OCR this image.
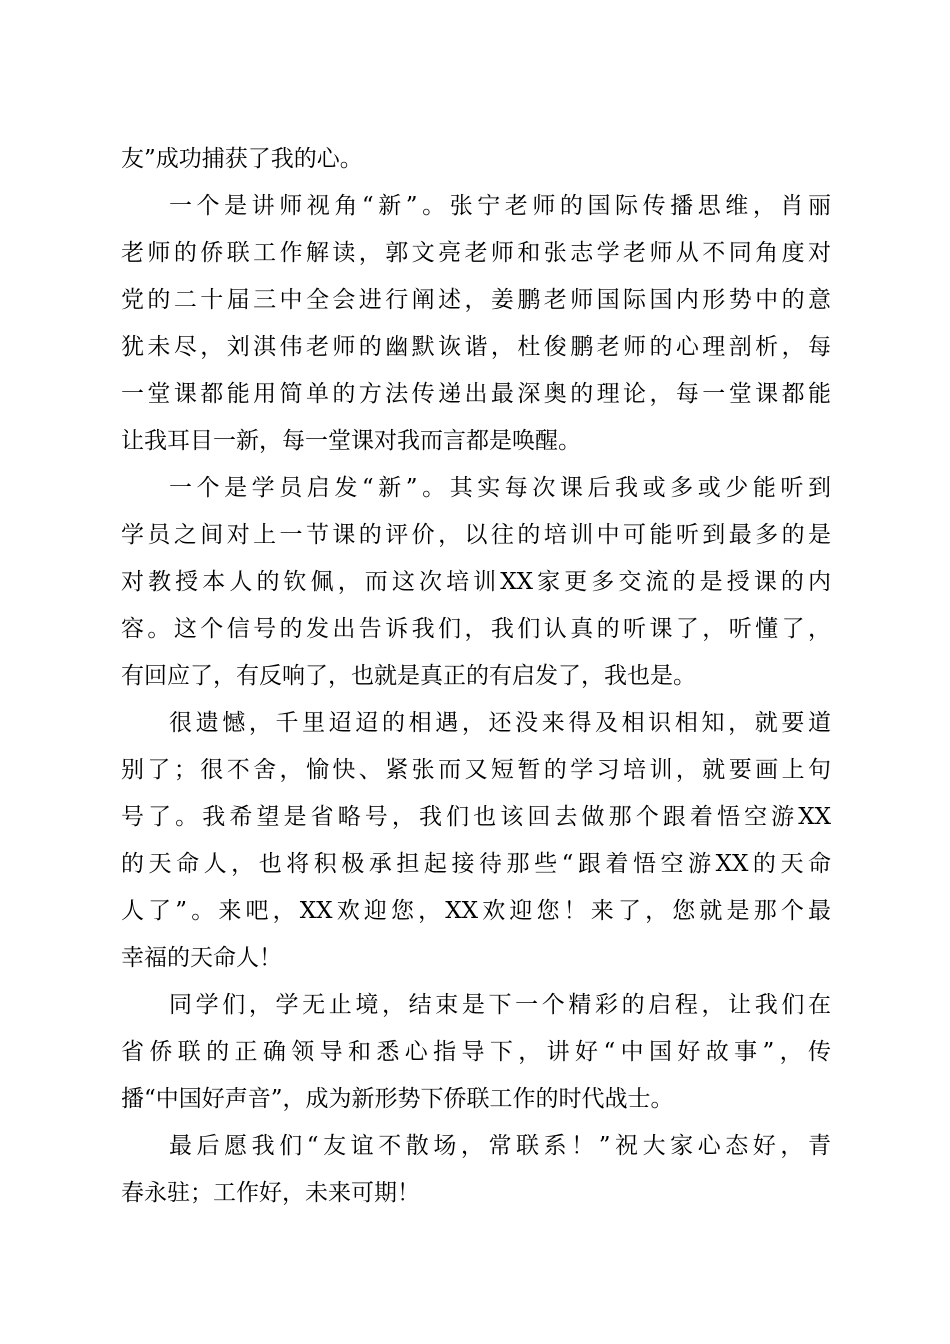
友”成功捕获了我的心。
一个是讲师视角“新”。张宁老师的国际传播思维，肖丽
老师的侨联工作解读，郭文亮老师和张志学老师从不同角度对
党的二十届三中全会进行阐述，姜鹏老师国际国内形势中的意
犹未尽，刘淇伟老师的幽默诙谐，杜俊鹏老师的心理剖析，每
一堂课都能用简单的方法传递出最深奥的理论，每一堂课都能
让我耳目一新，每一堂课对我而言都是唤醒。
一个是学员启发“新”。其实每次课后我或多或少能听到
学员之间对上一节课的评价，以往的培训中可能听到最多的是
对教授本人的钦佩，而这次培训XX家更多交流的是授课的内
容。这个信号的发出告诉我们，我们认真的听课了，听懂了，
有回应了，有反响了，也就是真正的有启发了，我也是。
很遗憾，千里迢迢的相遇，还没来得及相识相知，就要道
别了；很不舍，愉快、紧张而又短暂的学习培训，就要画上句
号了。我希望是省略号，我们也该回去做那个跟着悟空游XX
的天命人，也将积极承担起接待那些“跟着悟空游XX的天命
人了”。来吧，XX欢迎您，XX欢迎您！来了，您就是那个最
幸福的天命人！
同学们，学无止境，结束是下一个精彩的启程，让我们在
省侨联的正确领导和悉心指导下，讲好“中国好故事”，传
播“中国好声音”，成为新形势下侨联工作的时代战士。
最后愿我们“友谊不散场，常联系！”祝大家心态好，青
春永驻；工作好，未来可期！
